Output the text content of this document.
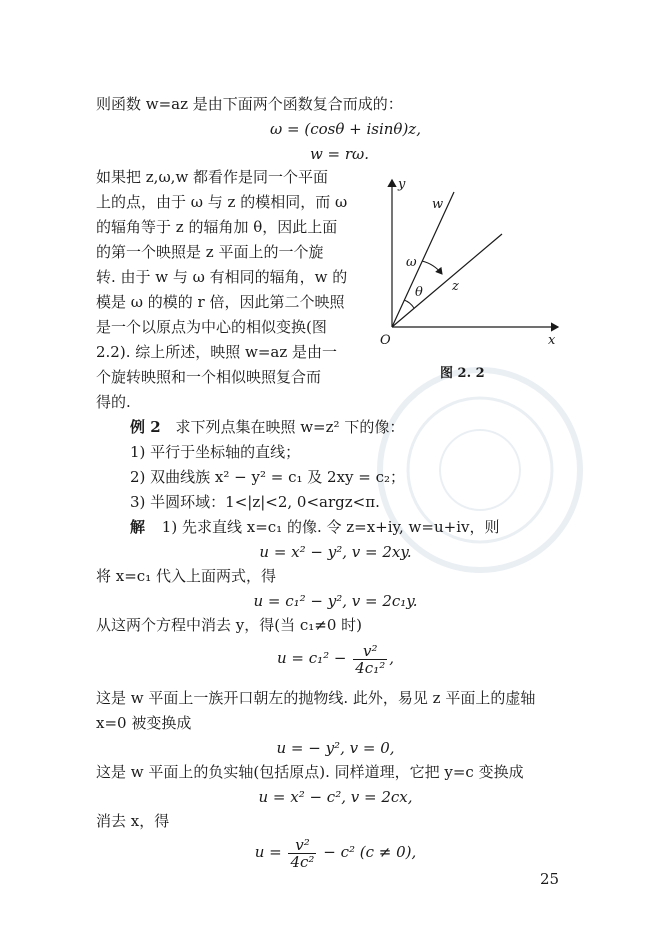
则函数 w=az 是由下面两个函数复合而成的：
ω = (cosθ + isinθ)z,
w = rω.
如果把 z,ω,w 都看作是同一个平面
上的点，由于 ω 与 z 的模相同，而 ω
的辐角等于 z 的辐角加 θ，因此上面
的第一个映照是 z 平面上的一个旋
转. 由于 w 与 ω 有相同的辐角，w 的
模是 ω 的模的 r 倍，因此第二个映照
是一个以原点为中心的相似变换(图
2.2). 综上所述，映照 w=az 是由一
个旋转映照和一个相似映照复合而
得的.
y
x
O
w
z
ω
θ
图 2. 2
例 2 求下列点集在映照 w=z² 下的像：
1) 平行于坐标轴的直线；
2) 双曲线族 x² − y² = c₁ 及 2xy = c₂；
3) 半圆环域：1<|z|<2, 0<argz<π.
解 1) 先求直线 x=c₁ 的像. 令 z=x+iy, w=u+iv，则
u = x² − y², v = 2xy.
将 x=c₁ 代入上面两式，得
u = c₁² − y², v = 2c₁y.
从这两个方程中消去 y，得(当 c₁≠0 时)
$u = c_1^2 - \frac{\text{v²}}{\text{4c₁²}}$ ,
这是 w 平面上一族开口朝左的抛物线. 此外，易见 z 平面上的虚轴
x=0 被变换成
u = − y², v = 0,
这是 w 平面上的负实轴(包括原点). 同样道理，它把 y=c 变换成
u = x² − c², v = 2cx,
消去 x，得
$u = \frac{\text{v²}}{\text{4c²}} - c^2$ (c ≠ 0),
25
